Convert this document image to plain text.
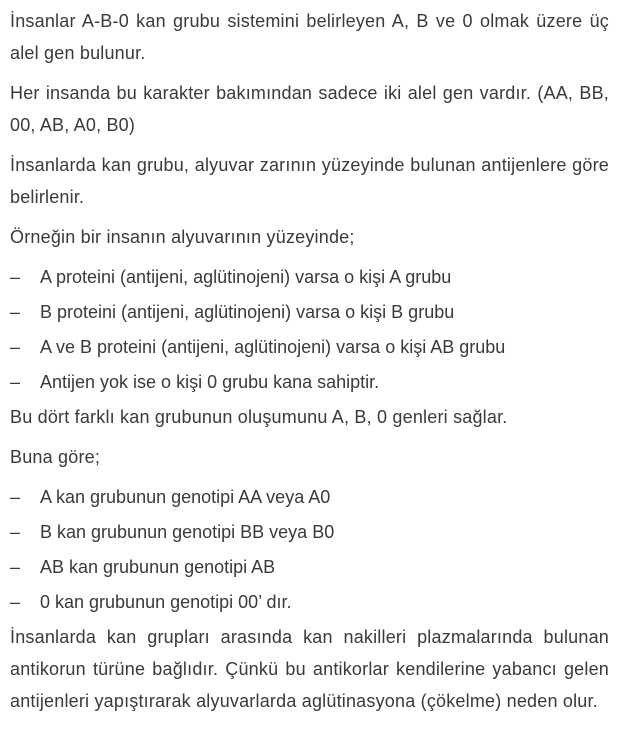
İnsanlar A-B-0 kan grubu sistemini belirleyen A, B ve 0 olmak üzere üç alel gen bulunur.

Her insanda bu karakter bakımından sadece iki alel gen vardır. (AA, BB, 00, AB, A0, B0)

İnsanlarda kan grubu, alyuvar zarının yüzeyinde bulunan antijenlere göre belirlenir.

Örneğin bir insanın alyuvarının yüzeyinde;

–	A proteini (antijeni, aglütinojeni) varsa o kişi A grubu
–	B proteini (antijeni, aglütinojeni) varsa o kişi B grubu
–	A ve B proteini (antijeni, aglütinojeni) varsa o kişi AB grubu
–	Antijen yok ise o kişi 0 grubu kana sahiptir.

Bu dört farklı kan grubunun oluşumunu A, B, 0 genleri sağlar.

Buna göre;

–	A kan grubunun genotipi AA veya A0
–	B kan grubunun genotipi BB veya B0
–	AB kan grubunun genotipi AB
–	0 kan grubunun genotipi 00’ dır.

İnsanlarda kan grupları arasında kan nakilleri plazmalarında bulunan antikorun türüne bağlıdır. Çünkü bu antikorlar kendilerine yabancı gelen antijenleri yapıştırarak alyuvarlarda aglütinasyona (çökelme) neden olur.
